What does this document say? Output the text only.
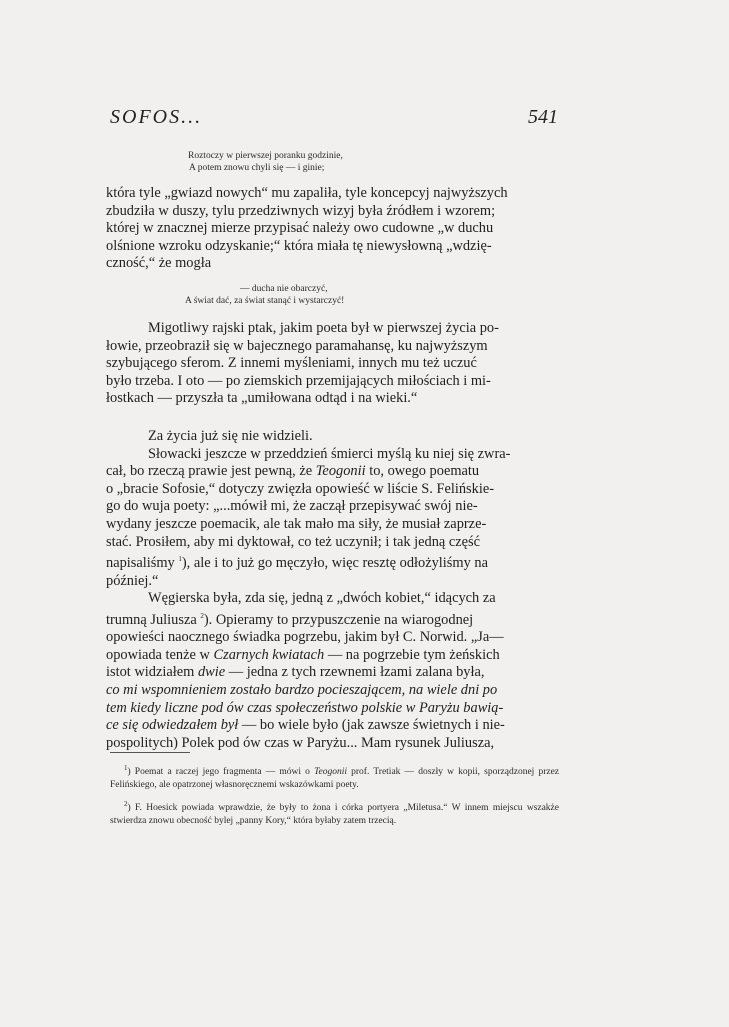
SOFOS...	541
Roztoczy w pierwszej poranku godzinie,
A potem znowu chyli się — i ginie;

która tyle „gwiazd nowych“ mu zapaliła, tyle koncepcyj najwyższych

zbudziła w duszy, tylu przedziwnych wizyj była źródłem i wzorem;

której w znacznej mierze przypisać należy owo cudowne „w duchu

olśnione wzroku odzyskanie;“ która miała tę niewysłowną „wdzię-

czność,“ że mogła

— ducha nie obarczyć,
A świat dać, za świat stanąć i wystarczyć!

Migotliwy rajski ptak, jakim poeta był w pierwszej życia po-

łowie, przeobraził się w bajecznego paramahansę, ku najwyższym

szybującego sferom. Z innemi myśleniami, innych mu też uczuć

było trzeba. I oto — po ziemskich przemijających miłościach i mi-

łostkach — przyszła ta „umiłowana odtąd i na wieki.“

Za życia już się nie widzieli.

Słowacki jeszcze w przeddzień śmierci myślą ku niej się zwra-

cał, bo rzeczą prawie jest pewną, że Teogonii to, owego poematu

o „bracie Sofosie,“ dotyczy zwięzła opowieść w liście S. Felińskie-

go do wuja poety: „...mówił mi, że zaczął przepisywać swój nie-

wydany jeszcze poemacik, ale tak mało ma siły, że musiał zaprze-

stać. Prosiłem, aby mi dyktował, co też uczynił; i tak jedną część

napisaliśmy $^1$), ale i to już go męczyło, więc resztę odłożyliśmy na

później.“

Węgierska była, zda się, jedną z „dwóch kobiet,“ idących za

trumną Juliusza $^2$). Opieramy to przypuszczenie na wiarogodnej

opowieści naocznego świadka pogrzebu, jakim był C. Norwid. „Ja—

opowiada tenże w Czarnych kwiatach — na pogrzebie tym żeńskich

istot widziałem dwie — jedna z tych rzewnemi łzami zalana była,

co mi wspomnieniem zostało bardzo pocieszającem, na wiele dni po

tem kiedy liczne pod ów czas społeczeństwo polskie w Paryżu bawią-

ce się odwiedzałem był — bo wiele było (jak zawsze świetnych i nie-

pospolitych) Polek pod ów czas w Paryżu... Mam rysunek Juliusza,

$^1$) Poemat a raczej jego fragmenta — mówi o Teogonii prof. Tretiak — doszły w kopii, sporządzonej przez Felińskiego, ale opatrzonej własnoręcznemi wskazówkami poety.

$^2$) F. Hoesick powiada wprawdzie, że były to żona i córka portyera „Miletusa.“ W innem miejscu wszakże stwierdza znowu obecność bylej „panny Kory,“ która byłaby zatem trzecią.
